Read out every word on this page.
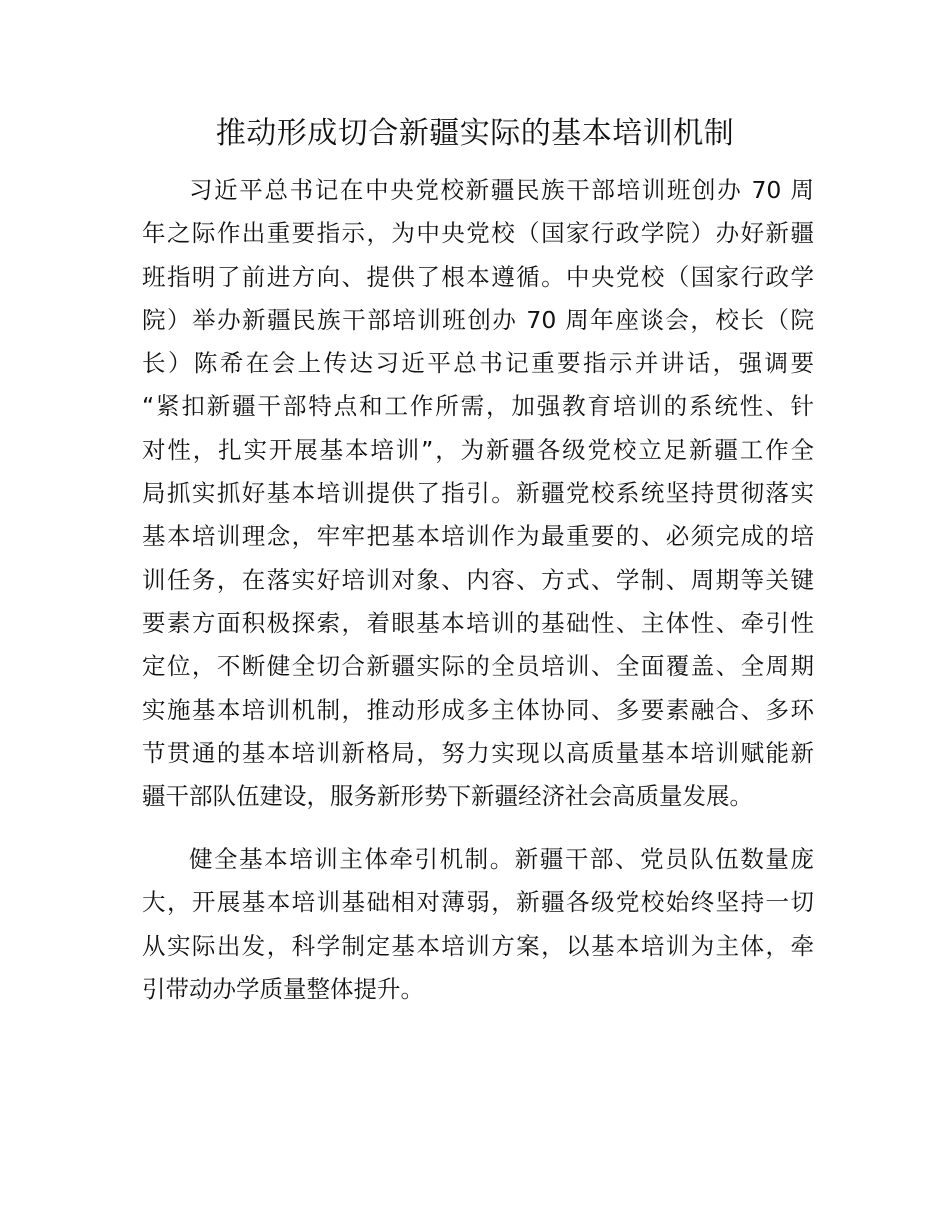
推动形成切合新疆实际的基本培训机制
习近平总书记在中央党校新疆民族干部培训班创办 70 周
年之际作出重要指示，为中央党校（国家行政学院）办好新疆
班指明了前进方向、提供了根本遵循。中央党校（国家行政学
院）举办新疆民族干部培训班创办 70 周年座谈会，校长（院
长）陈希在会上传达习近平总书记重要指示并讲话，强调要
“紧扣新疆干部特点和工作所需，加强教育培训的系统性、针
对性，扎实开展基本培训”，为新疆各级党校立足新疆工作全
局抓实抓好基本培训提供了指引。新疆党校系统坚持贯彻落实
基本培训理念，牢牢把基本培训作为最重要的、必须完成的培
训任务，在落实好培训对象、内容、方式、学制、周期等关键
要素方面积极探索，着眼基本培训的基础性、主体性、牵引性
定位，不断健全切合新疆实际的全员培训、全面覆盖、全周期
实施基本培训机制，推动形成多主体协同、多要素融合、多环
节贯通的基本培训新格局，努力实现以高质量基本培训赋能新
疆干部队伍建设，服务新形势下新疆经济社会高质量发展。
健全基本培训主体牵引机制。新疆干部、党员队伍数量庞
大，开展基本培训基础相对薄弱，新疆各级党校始终坚持一切
从实际出发，科学制定基本培训方案，以基本培训为主体，牵
引带动办学质量整体提升。
